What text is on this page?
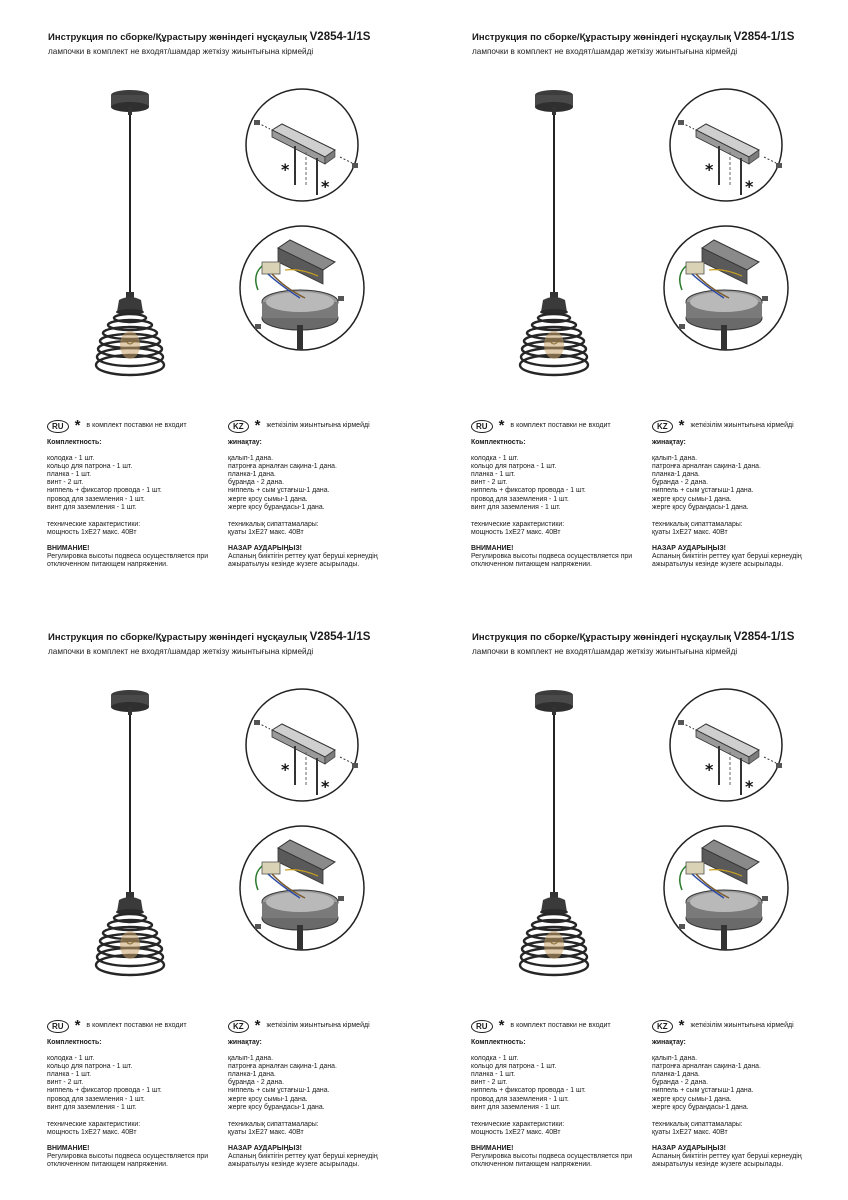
Инструкция по сборке/Құрастыру жөніндегі нұсқаулық V2854-1/1S
лампочки в комплект не входят/шамдар жеткізу жиынтығына кірмейді
*
*
RU * в комплект поставки не входит
Комплектность:
колодка - 1 шт.
кольцо для патрона - 1 шт.
планка - 1 шт.
винт - 2 шт.
ниппель + фиксатор провода - 1 шт.
провод для заземления - 1 шт.
винт для заземления - 1 шт.
технические характеристики:
мощность 1хЕ27 макс. 40Вт
ВНИМАНИЕ!
Регулировка высоты подвеса осуществляется при отключенном питающем напряжении.
KZ * жеткізілім жиынтығына кірмейді
жинақтау:
қалып-1 дана.
патронға арналған сақина-1 дана.
планка-1 дана.
бұранда - 2 дана.
ниппель + сым ұстағыш-1 дана.
жерге қосу сымы-1 дана.
жерге қосу бұрандасы-1 дана.
техникалық сипаттамалары:
қуаты 1хЕ27 макс. 40Вт
НАЗАР АУДАРЫҢЫЗ!
Аспаның биіктігін реттеу қуат беруші кернеудің ажыратылуы кезінде жүзеге асырылады.
Инструкция по сборке/Құрастыру жөніндегі нұсқаулық V2854-1/1S
лампочки в комплект не входят/шамдар жеткізу жиынтығына кірмейді
*
*
RU * в комплект поставки не входит
Комплектность:
колодка - 1 шт.
кольцо для патрона - 1 шт.
планка - 1 шт.
винт - 2 шт.
ниппель + фиксатор провода - 1 шт.
провод для заземления - 1 шт.
винт для заземления - 1 шт.
технические характеристики:
мощность 1хЕ27 макс. 40Вт
ВНИМАНИЕ!
Регулировка высоты подвеса осуществляется при отключенном питающем напряжении.
KZ * жеткізілім жиынтығына кірмейді
жинақтау:
қалып-1 дана.
патронға арналған сақина-1 дана.
планка-1 дана.
бұранда - 2 дана.
ниппель + сым ұстағыш-1 дана.
жерге қосу сымы-1 дана.
жерге қосу бұрандасы-1 дана.
техникалық сипаттамалары:
қуаты 1хЕ27 макс. 40Вт
НАЗАР АУДАРЫҢЫЗ!
Аспаның биіктігін реттеу қуат беруші кернеудің ажыратылуы кезінде жүзеге асырылады.
Инструкция по сборке/Құрастыру жөніндегі нұсқаулық V2854-1/1S
лампочки в комплект не входят/шамдар жеткізу жиынтығына кірмейді
*
*
RU * в комплект поставки не входит
Комплектность:
колодка - 1 шт.
кольцо для патрона - 1 шт.
планка - 1 шт.
винт - 2 шт.
ниппель + фиксатор провода - 1 шт.
провод для заземления - 1 шт.
винт для заземления - 1 шт.
технические характеристики:
мощность 1хЕ27 макс. 40Вт
ВНИМАНИЕ!
Регулировка высоты подвеса осуществляется при отключенном питающем напряжении.
KZ * жеткізілім жиынтығына кірмейді
жинақтау:
қалып-1 дана.
патронға арналған сақина-1 дана.
планка-1 дана.
бұранда - 2 дана.
ниппель + сым ұстағыш-1 дана.
жерге қосу сымы-1 дана.
жерге қосу бұрандасы-1 дана.
техникалық сипаттамалары:
қуаты 1хЕ27 макс. 40Вт
НАЗАР АУДАРЫҢЫЗ!
Аспаның биіктігін реттеу қуат беруші кернеудің ажыратылуы кезінде жүзеге асырылады.
Инструкция по сборке/Құрастыру жөніндегі нұсқаулық V2854-1/1S
лампочки в комплект не входят/шамдар жеткізу жиынтығына кірмейді
*
*
RU * в комплект поставки не входит
Комплектность:
колодка - 1 шт.
кольцо для патрона - 1 шт.
планка - 1 шт.
винт - 2 шт.
ниппель + фиксатор провода - 1 шт.
провод для заземления - 1 шт.
винт для заземления - 1 шт.
технические характеристики:
мощность 1хЕ27 макс. 40Вт
ВНИМАНИЕ!
Регулировка высоты подвеса осуществляется при отключенном питающем напряжении.
KZ * жеткізілім жиынтығына кірмейді
жинақтау:
қалып-1 дана.
патронға арналған сақина-1 дана.
планка-1 дана.
бұранда - 2 дана.
ниппель + сым ұстағыш-1 дана.
жерге қосу сымы-1 дана.
жерге қосу бұрандасы-1 дана.
техникалық сипаттамалары:
қуаты 1хЕ27 макс. 40Вт
НАЗАР АУДАРЫҢЫЗ!
Аспаның биіктігін реттеу қуат беруші кернеудің ажыратылуы кезінде жүзеге асырылады.
